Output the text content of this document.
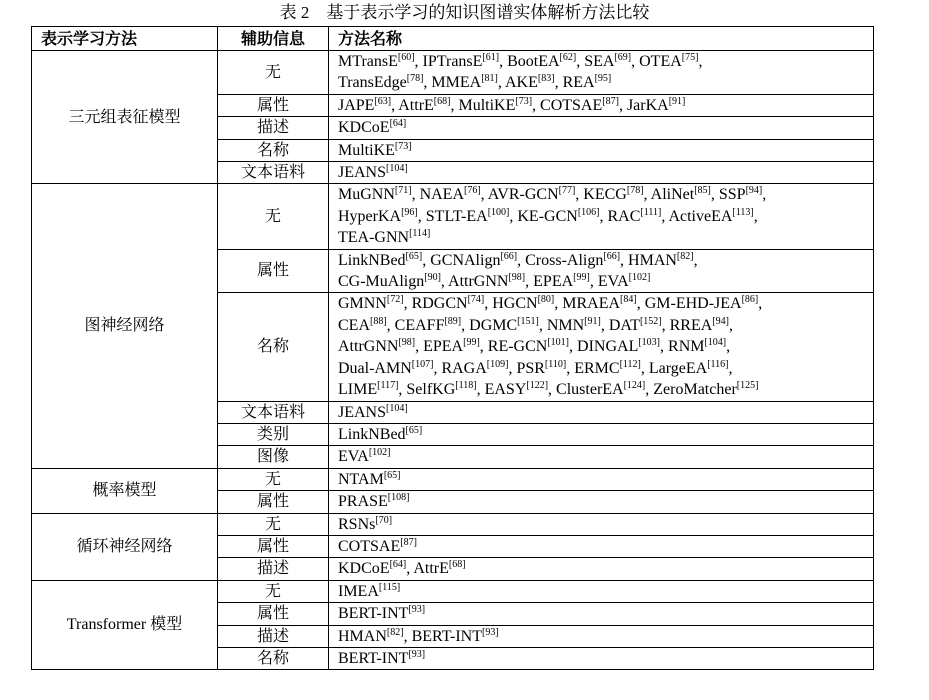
表 2　基于表示学习的知识图谱实体解析方法比较
表示学习方法	辅助信息	方法名称
三元组表征模型	无	MTransE[60], IPTransE[61], BootEA[62], SEA[69], OTEA[75],
TransEdge[78], MMEA[81], AKE[83], REA[95]

	属性	JAPE[63], AttrE[68], MultiKE[73], COTSAE[87], JarKA[91]

	描述	KDCoE[64]

	名称	MultiKE[73]

	文本语料	JEANS[104]

图神经网络	无	MuGNN[71], NAEA[76], AVR-GCN[77], KECG[78], AliNet[85], SSP[94],
HyperKA[96], STLT-EA[100], KE-GCN[106], RAC[111], ActiveEA[113],
TEA-GNN[114]

	属性	LinkNBed[65], GCNAlign[66], Cross-Align[66], HMAN[82],
CG-MuAlign[90], AttrGNN[98], EPEA[99], EVA[102]

	名称	GMNN[72], RDGCN[74], HGCN[80], MRAEA[84], GM-EHD-JEA[86],
CEA[88], CEAFF[89], DGMC[151], NMN[91], DAT[152], RREA[94],
AttrGNN[98], EPEA[99], RE-GCN[101], DINGAL[103], RNM[104],
Dual-AMN[107], RAGA[109], PSR[110], ERMC[112], LargeEA[116],
LIME[117], SelfKG[118], EASY[122], ClusterEA[124], ZeroMatcher[125]

	文本语料	JEANS[104]

	类别	LinkNBed[65]

	图像	EVA[102]

概率模型	无	NTAM[65]

	属性	PRASE[108]

循环神经网络	无	RSNs[70]

	属性	COTSAE[87]

	描述	KDCoE[64], AttrE[68]

Transformer 模型	无	IMEA[115]

	属性	BERT-INT[93]

	描述	HMAN[82], BERT-INT[93]

	名称	BERT-INT[93]
